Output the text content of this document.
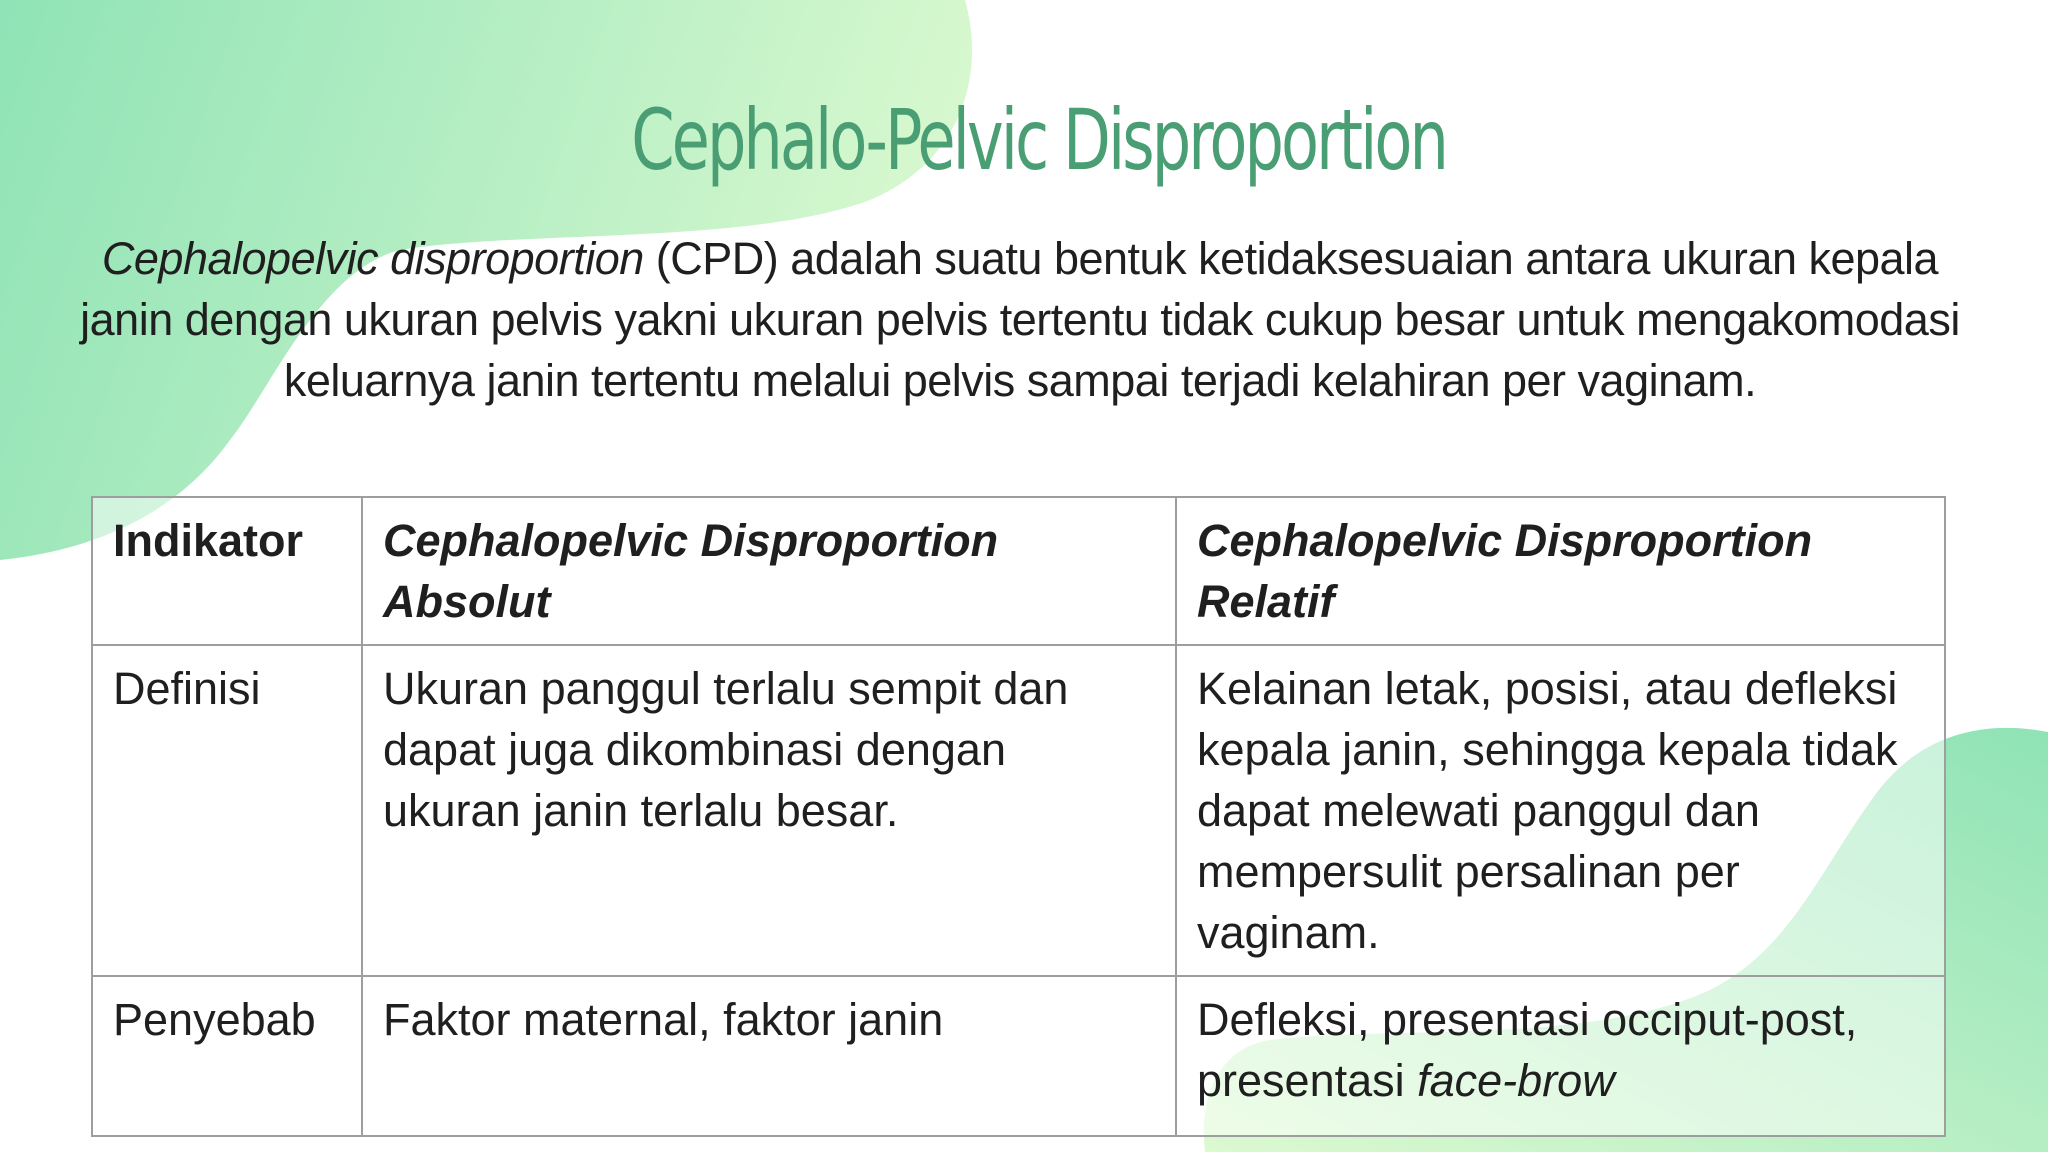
Cephalo-Pelvic Disproportion
Cephalopelvic disproportion (CPD) adalah suatu bentuk ketidaksesuaian antara ukuran kepala janin dengan ukuran pelvis yakni ukuran pelvis tertentu tidak cukup besar untuk mengakomodasi keluarnya janin tertentu melalui pelvis sampai terjadi kelahiran per vaginam.
Indikator	Cephalopelvic Disproportion Absolut	Cephalopelvic Disproportion Relatif
Definisi	Ukuran panggul terlalu sempit dan dapat juga dikombinasi dengan ukuran janin terlalu besar.	Kelainan letak, posisi, atau defleksi kepala janin, sehingga kepala tidak dapat melewati panggul dan mempersulit persalinan per vaginam.
Penyebab	Faktor maternal, faktor janin	Defleksi, presentasi occiput-post, presentasi face-brow
